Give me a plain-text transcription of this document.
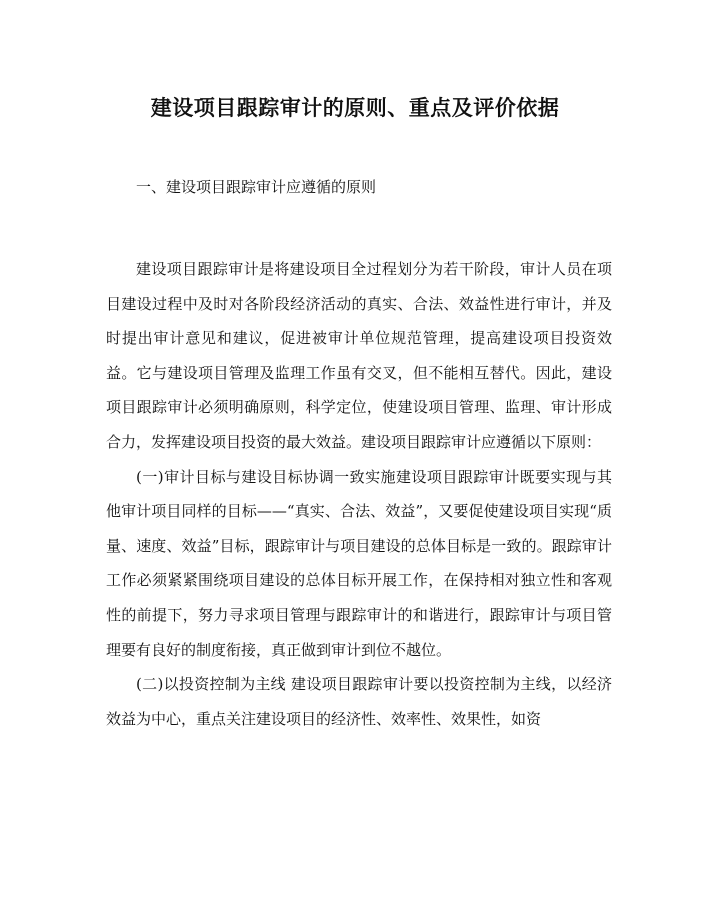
建设项目跟踪审计的原则、重点及评价依据
一、建设项目跟踪审计应遵循的原则

建设项目跟踪审计是将建设项目全过程划分为若干阶段，审计人员在项目建设过程中及时对各阶段经济活动的真实、合法、效益性进行审计，并及时提出审计意见和建议，促进被审计单位规范管理，提高建设项目投资效益。它与建设项目管理及监理工作虽有交叉，但不能相互替代。因此，建设项目跟踪审计必须明确原则，科学定位，使建设项目管理、监理、审计形成合力，发挥建设项目投资的最大效益。建设项目跟踪审计应遵循以下原则：

(一)审计目标与建设目标协调一致实施建设项目跟踪审计既要实现与其他审计项目同样的目标——“真实、合法、效益”，又要促使建设项目实现“质量、速度、效益”目标，跟踪审计与项目建设的总体目标是一致的。跟踪审计工作必须紧紧围绕项目建设的总体目标开展工作，在保持相对独立性和客观性的前提下，努力寻求项目管理与跟踪审计的和谐进行，跟踪审计与项目管理要有良好的制度衔接，真正做到审计到位不越位。

(二)以投资控制为主线 建设项目跟踪审计要以投资控制为主线，以经济效益为中心，重点关注建设项目的经济性、效率性、效果性，如资
